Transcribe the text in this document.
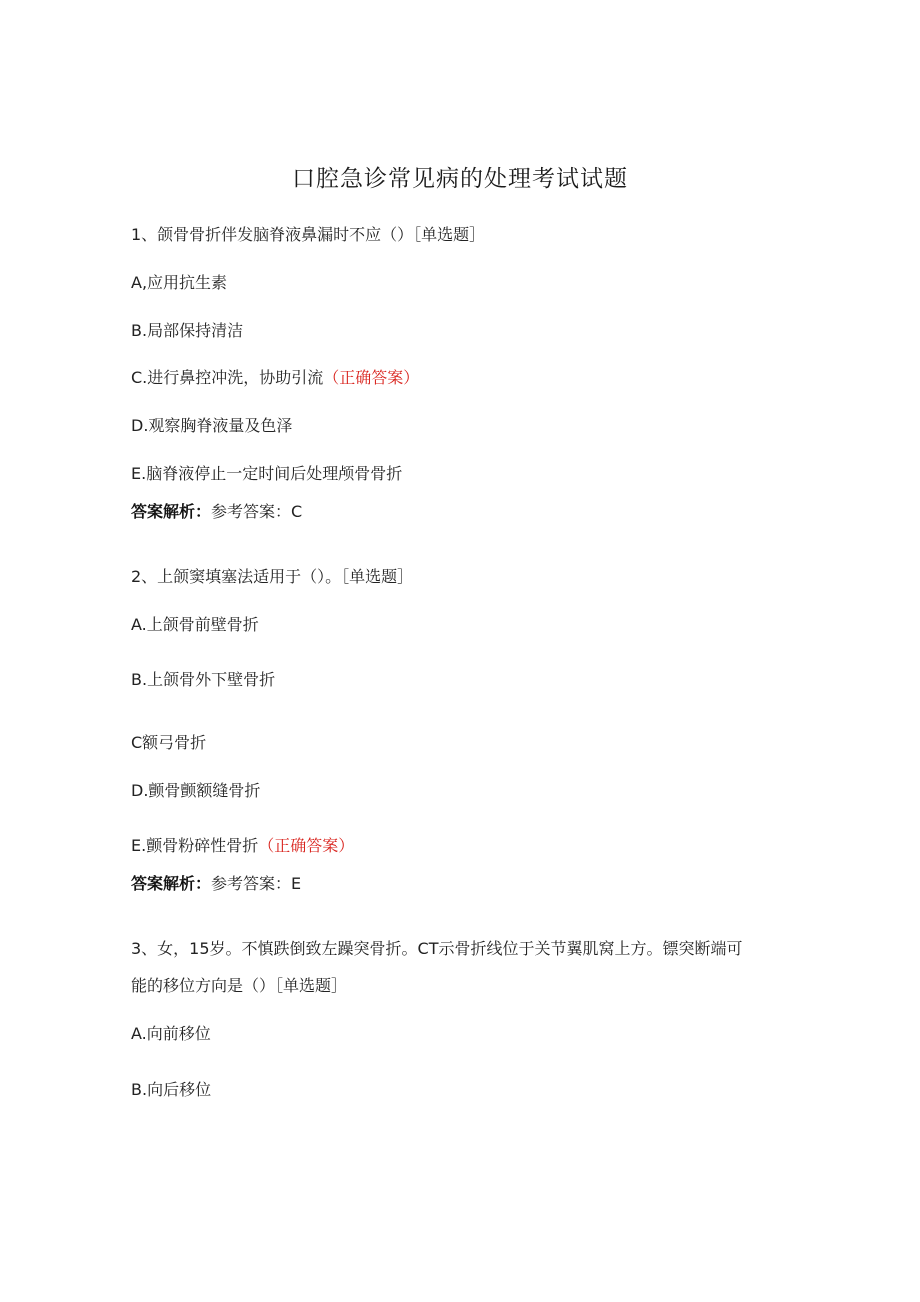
口腔急诊常见病的处理考试试题
1、颌骨骨折伴发脑脊液鼻漏时不应（）［单选题］
A,应用抗生素
B.局部保持清洁
C.进行鼻控冲洗，协助引流（正确答案）
D.观察胸脊液量及色泽
E.脑脊液停止一定时间后处理颅骨骨折
答案解析：参考答案：C
2、上颌窦填塞法适用于（）。［单选题］
A.上颌骨前壁骨折
B.上颌骨外下壁骨折
C额弓骨折
D.颤骨颤额缝骨折
E.颤骨粉碎性骨折（正确答案）
答案解析：参考答案：E
3、女，15岁。不慎跌倒致左躁突骨折。CT示骨折线位于关节翼肌窝上方。镖突断端可
能的移位方向是（）［单选题］
A.向前移位
B.向后移位
